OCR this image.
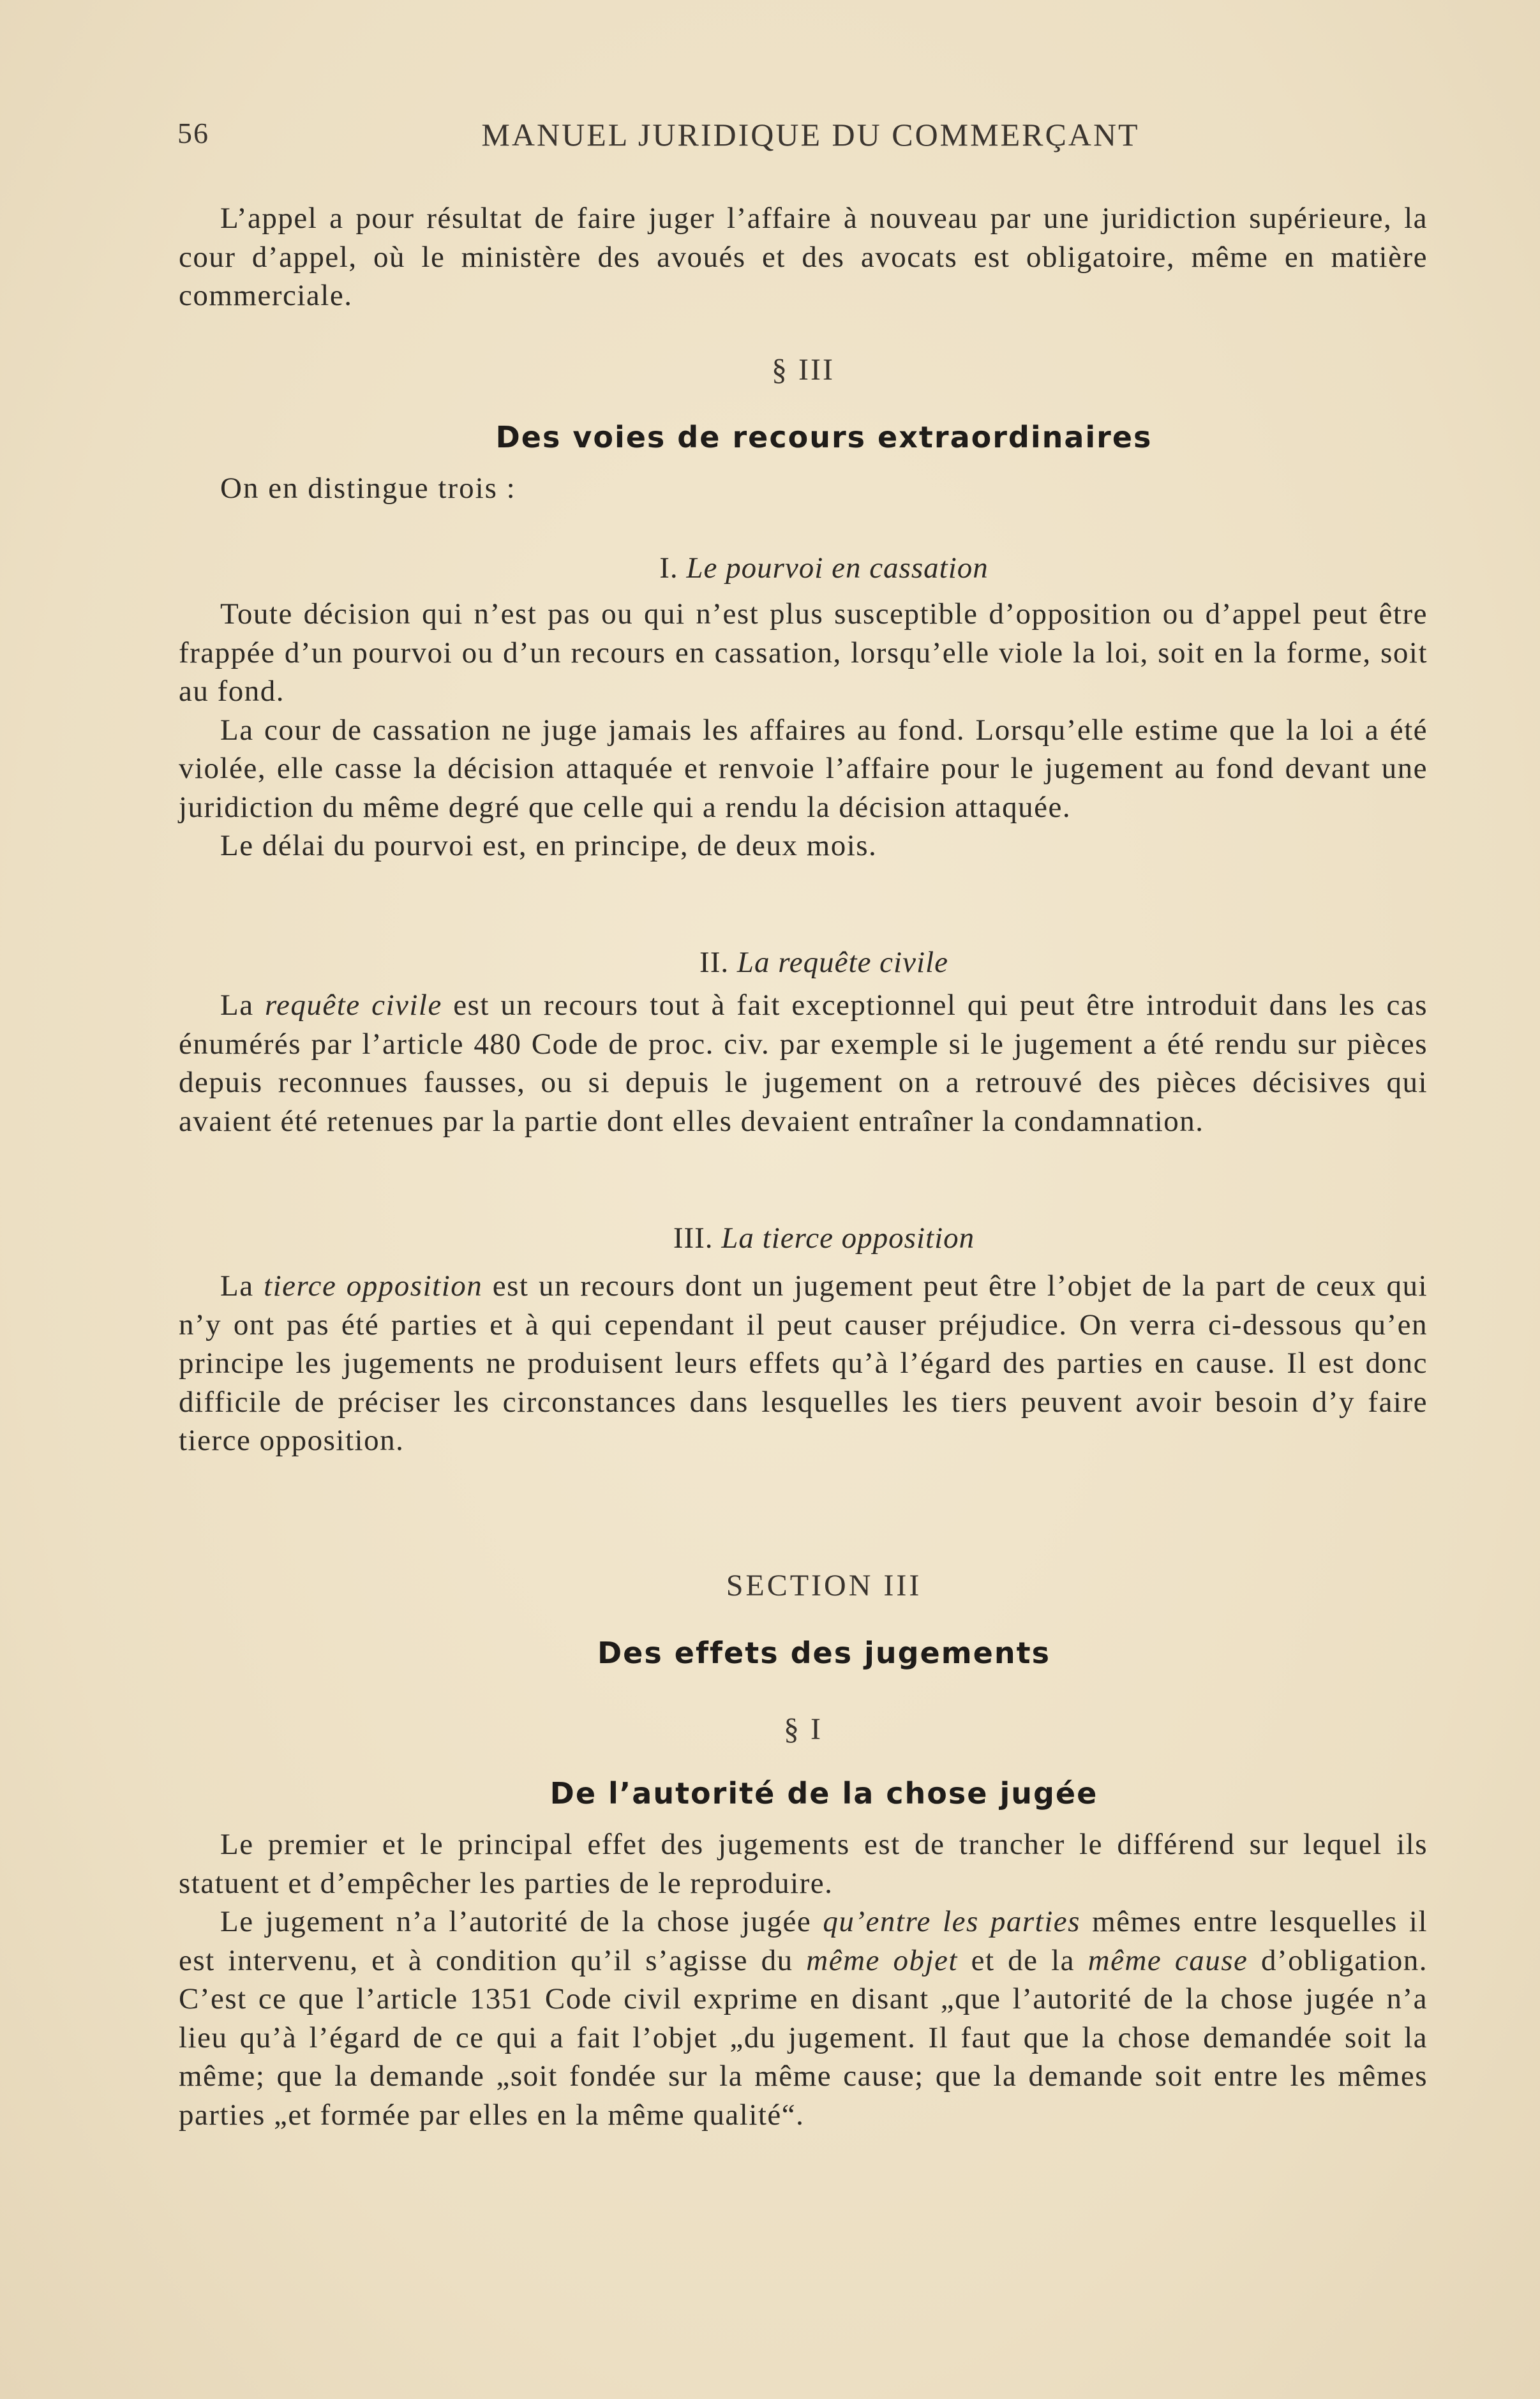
56	MANUEL JURIDIQUE DU COMMERÇANT

L’appel a pour résultat de faire juger l’affaire à nouveau par une juridiction supérieure, la cour d’appel, où le ministère des avoués et des avocats est obligatoire, même en matière commerciale.

§ III

Des voies de recours extraordinaires

On en distingue trois :

I. Le pourvoi en cassation

Toute décision qui n’est pas ou qui n’est plus susceptible d’opposition ou d’appel peut être frappée d’un pourvoi ou d’un recours en cassation, lorsqu’elle viole la loi, soit en la forme, soit au fond.

La cour de cassation ne juge jamais les affaires au fond. Lorsqu’elle estime que la loi a été violée, elle casse la décision attaquée et renvoie l’affaire pour le jugement au fond devant une juridiction du même degré que celle qui a rendu la décision attaquée.

Le délai du pourvoi est, en principe, de deux mois.

II. La requête civile

La requête civile est un recours tout à fait exceptionnel qui peut être introduit dans les cas énumérés par l’article 480 Code de proc. civ. par exemple si le jugement a été rendu sur pièces depuis reconnues fausses, ou si depuis le jugement on a retrouvé des pièces décisives qui avaient été retenues par la partie dont elles devaient entraîner la condamnation.

III. La tierce opposition

La tierce opposition est un recours dont un jugement peut être l’objet de la part de ceux qui n’y ont pas été parties et à qui cependant il peut causer préjudice. On verra ci-dessous qu’en principe les jugements ne produisent leurs effets qu’à l’égard des parties en cause. Il est donc difficile de préciser les circonstances dans lesquelles les tiers peuvent avoir besoin d’y faire tierce opposition.

SECTION III

Des effets des jugements

§ I

De l’autorité de la chose jugée

Le premier et le principal effet des jugements est de trancher le différend sur lequel ils statuent et d’empêcher les parties de le reproduire.

Le jugement n’a l’autorité de la chose jugée qu’entre les parties mêmes entre lesquelles il est intervenu, et à condition qu’il s’agisse du même objet et de la même cause d’obligation. C’est ce que l’article 1351 Code civil exprime en disant „que l’autorité de la chose jugée n’a lieu qu’à l’égard de ce qui a fait l’objet „du jugement. Il faut que la chose demandée soit la même; que la demande „soit fondée sur la même cause; que la demande soit entre les mêmes parties „et formée par elles en la même qualité“.
